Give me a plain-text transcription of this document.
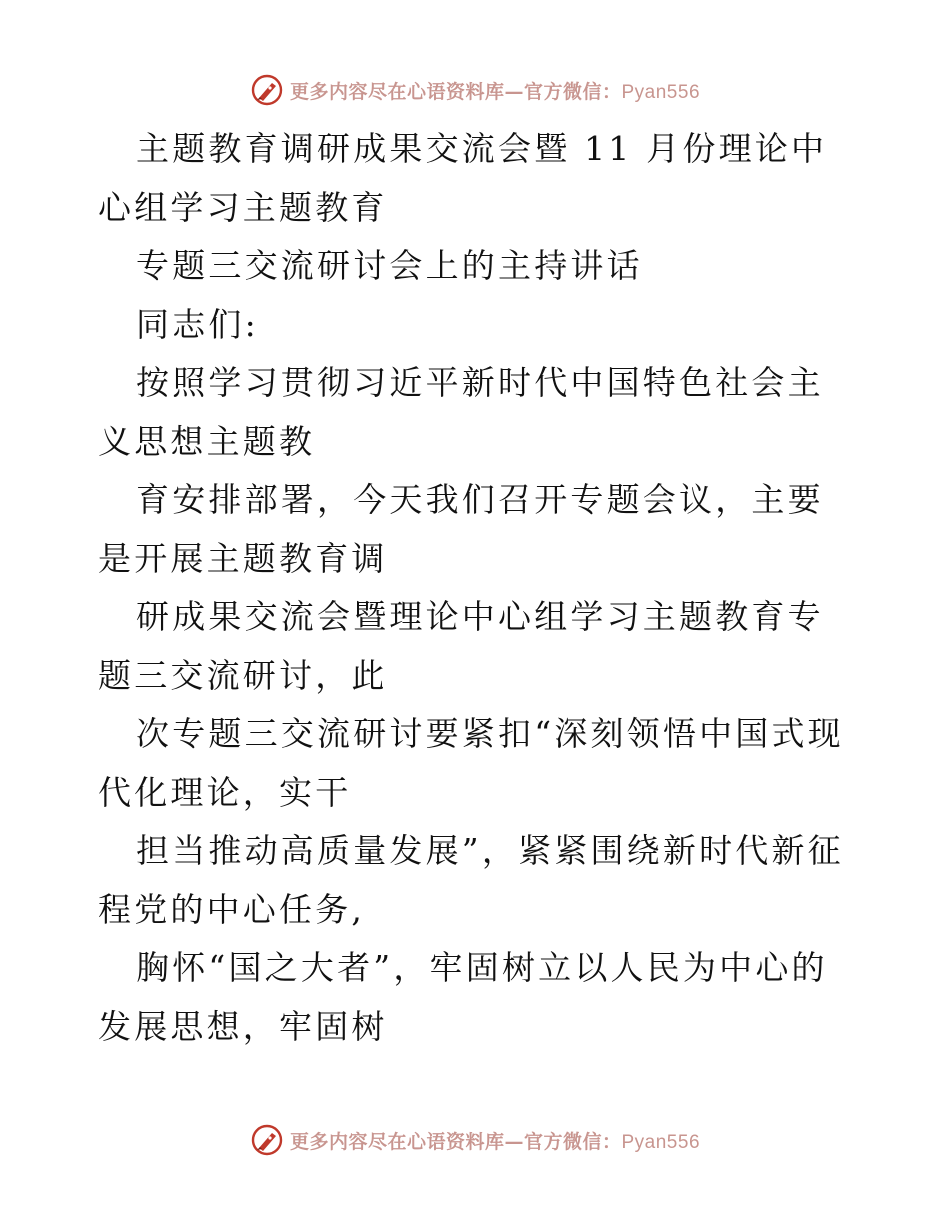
更多内容尽在心语资料库—官方微信：Pyan556

主题教育调研成果交流会暨 11 月份理论中心组学习主题教育

专题三交流研讨会上的主持讲话

同志们:

按照学习贯彻习近平新时代中国特色社会主义思想主题教

育安排部署，今天我们召开专题会议，主要是开展主题教育调

研成果交流会暨理论中心组学习主题教育专题三交流研讨，此

次专题三交流研讨要紧扣“深刻领悟中国式现代化理论，实干

担当推动高质量发展”，紧紧围绕新时代新征程党的中心任务,

胸怀“国之大者”，牢固树立以人民为中心的发展思想，牢固树

更多内容尽在心语资料库—官方微信：Pyan556
